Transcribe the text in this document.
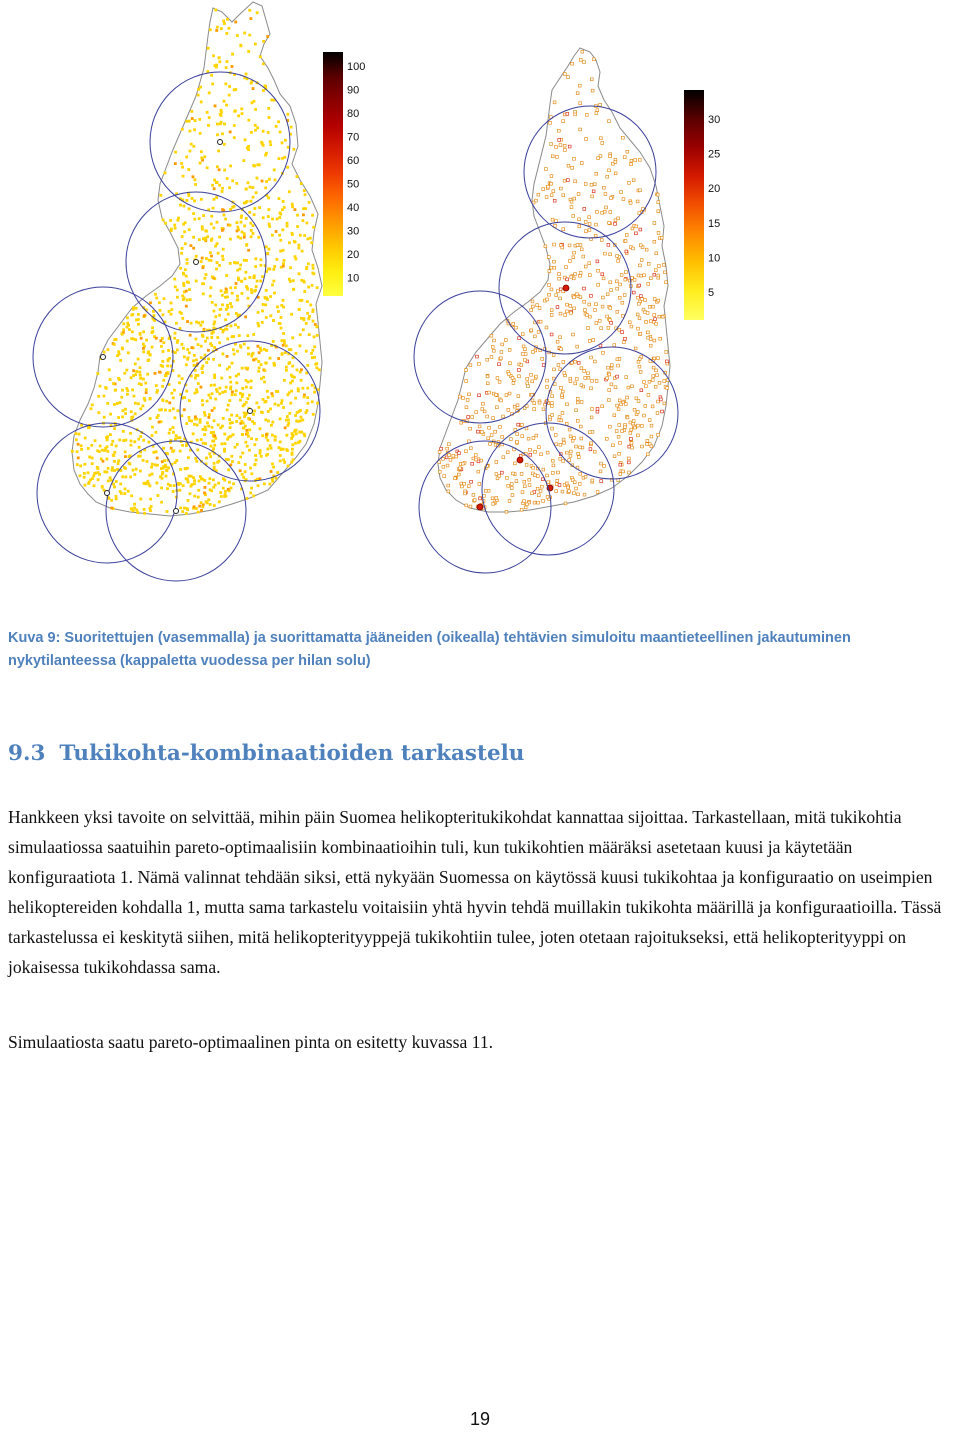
100
90
80
70
60
50
40
30
20
10
30
25
20
15
10
5
Kuva 9: Suoritettujen (vasemmalla) ja suorittamatta jääneiden (oikealla) tehtävien simuloitu maantieteellinen jakautuminen nykytilanteessa (kappaletta vuodessa per hilan solu)
9.3 Tukikohta-kombinaatioiden tarkastelu

Hankkeen yksi tavoite on selvittää, mihin päin Suomea helikopteritukikohdat kannattaa sijoittaa. Tarkastellaan, mitä tukikohtia simulaatiossa saatuihin pareto-optimaalisiin kombinaatioihin tuli, kun tukikohtien määräksi asetetaan kuusi ja käytetään konfiguraatiota 1. Nämä valinnat tehdään siksi, että nykyään Suomessa on käytössä kuusi tukikohtaa ja konfiguraatio on useimpien helikoptereiden kohdalla 1, mutta sama tarkastelu voitaisiin yhtä hyvin tehdä muillakin tukikohta määrillä ja konfiguraatioilla. Tässä tarkastelussa ei keskitytä siihen, mitä helikopterityyppejä tukikohtiin tulee, joten otetaan rajoitukseksi, että helikopterityyppi on jokaisessa tukikohdassa sama.

Simulaatiosta saatu pareto-optimaalinen pinta on esitetty kuvassa 11.

19
